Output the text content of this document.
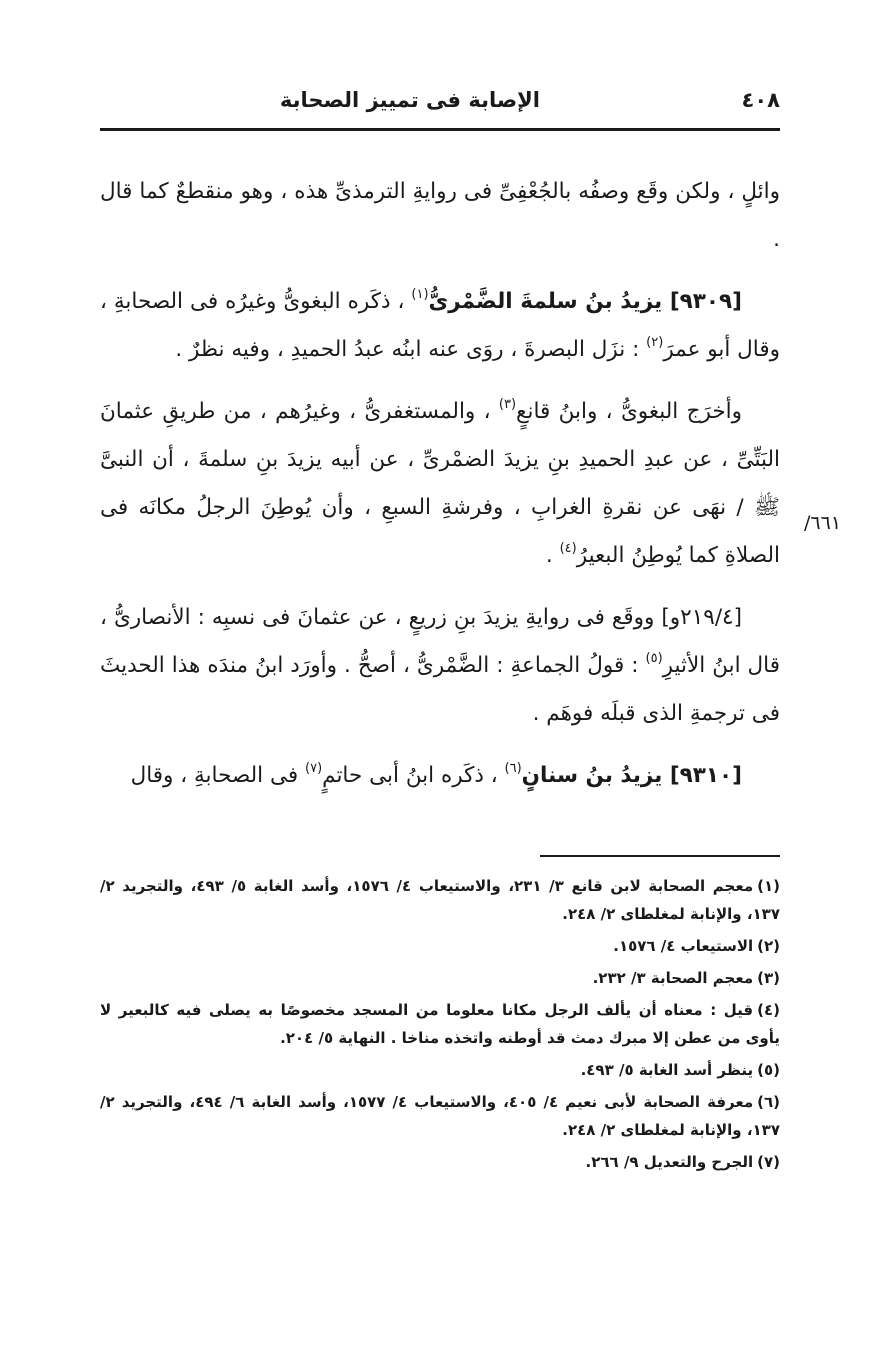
٤٠٨
الإصابة فى تمييز الصحابة
/٦٦١

وائلٍ ، ولكن وقَع وصفُه بالجُعْفِىِّ فى روايةِ الترمذىِّ هذه ، وهو منقطعٌ كما قال .

[٩٣٠٩] يزيدُ بنُ سلمةَ الضَّمْرىُّ$^{(١)}$ ، ذكَره البغوىُّ وغيرُه فى الصحابةِ ، وقال أبو عمرَ$^{(٢)}$ : نزَل البصرةَ ، روَى عنه ابنُه عبدُ الحميدِ ، وفيه نظرٌ .

وأخرَج البغوىُّ ، وابنُ قانعٍ$^{(٣)}$ ، والمستغفرىُّ ، وغيرُهم ، من طريقِ عثمانَ البَتِّىِّ ، عن عبدِ الحميدِ بنِ يزيدَ الضمْرىِّ ، عن أبيه يزيدَ بنِ سلمةَ ، أن النبىَّ ﷺ / نهَى عن نقرةِ الغرابِ ، وفرشةِ السبعِ ، وأن يُوطِنَ الرجلُ مكانَه فى الصلاةِ كما يُوطِنُ البعيرُ$^{(٤)}$ .

[٢١٩/٤و] ووقَع فى روايةِ يزيدَ بنِ زريعٍ ، عن عثمانَ فى نسبِه : الأنصارىُّ ، قال ابنُ الأثيرِ$^{(٥)}$ : قولُ الجماعةِ : الضَّمْرىُّ ، أصحُّ . وأورَد ابنُ مندَه هذا الحديثَ فى ترجمةِ الذى قبلَه فوهَم .

[٩٣١٠] يزيدُ بنُ سنانٍ$^{(٦)}$ ، ذكَره ابنُ أبى حاتمٍ$^{(٧)}$ فى الصحابةِ ، وقال

(١)معجم الصحابة لابن قانع ٣/ ٢٣١، والاستيعاب ٤/ ١٥٧٦، وأسد الغابة ٥/ ٤٩٣، والتجريد ٢/ ١٣٧، والإنابة لمغلطاى ٢/ ٢٤٨.
(٢)الاستيعاب ٤/ ١٥٧٦.
(٣)معجم الصحابة ٣/ ٢٣٢.
(٤)قيل : معناه أن يألف الرجل مكانا معلوما من المسجد مخصوصًا به يصلى فيه كالبعير لا يأوى من عطن إلا مبرك دمث قد أوطنه واتخذه مناخا . النهاية ٥/ ٢٠٤.
(٥)ينظر أسد الغابة ٥/ ٤٩٣.
(٦)معرفة الصحابة لأبى نعيم ٤/ ٤٠٥، والاستيعاب ٤/ ١٥٧٧، وأسد الغابة ٦/ ٤٩٤، والتجريد ٢/ ١٣٧، والإنابة لمغلطاى ٢/ ٢٤٨.
(٧)الجرح والتعديل ٩/ ٢٦٦.
